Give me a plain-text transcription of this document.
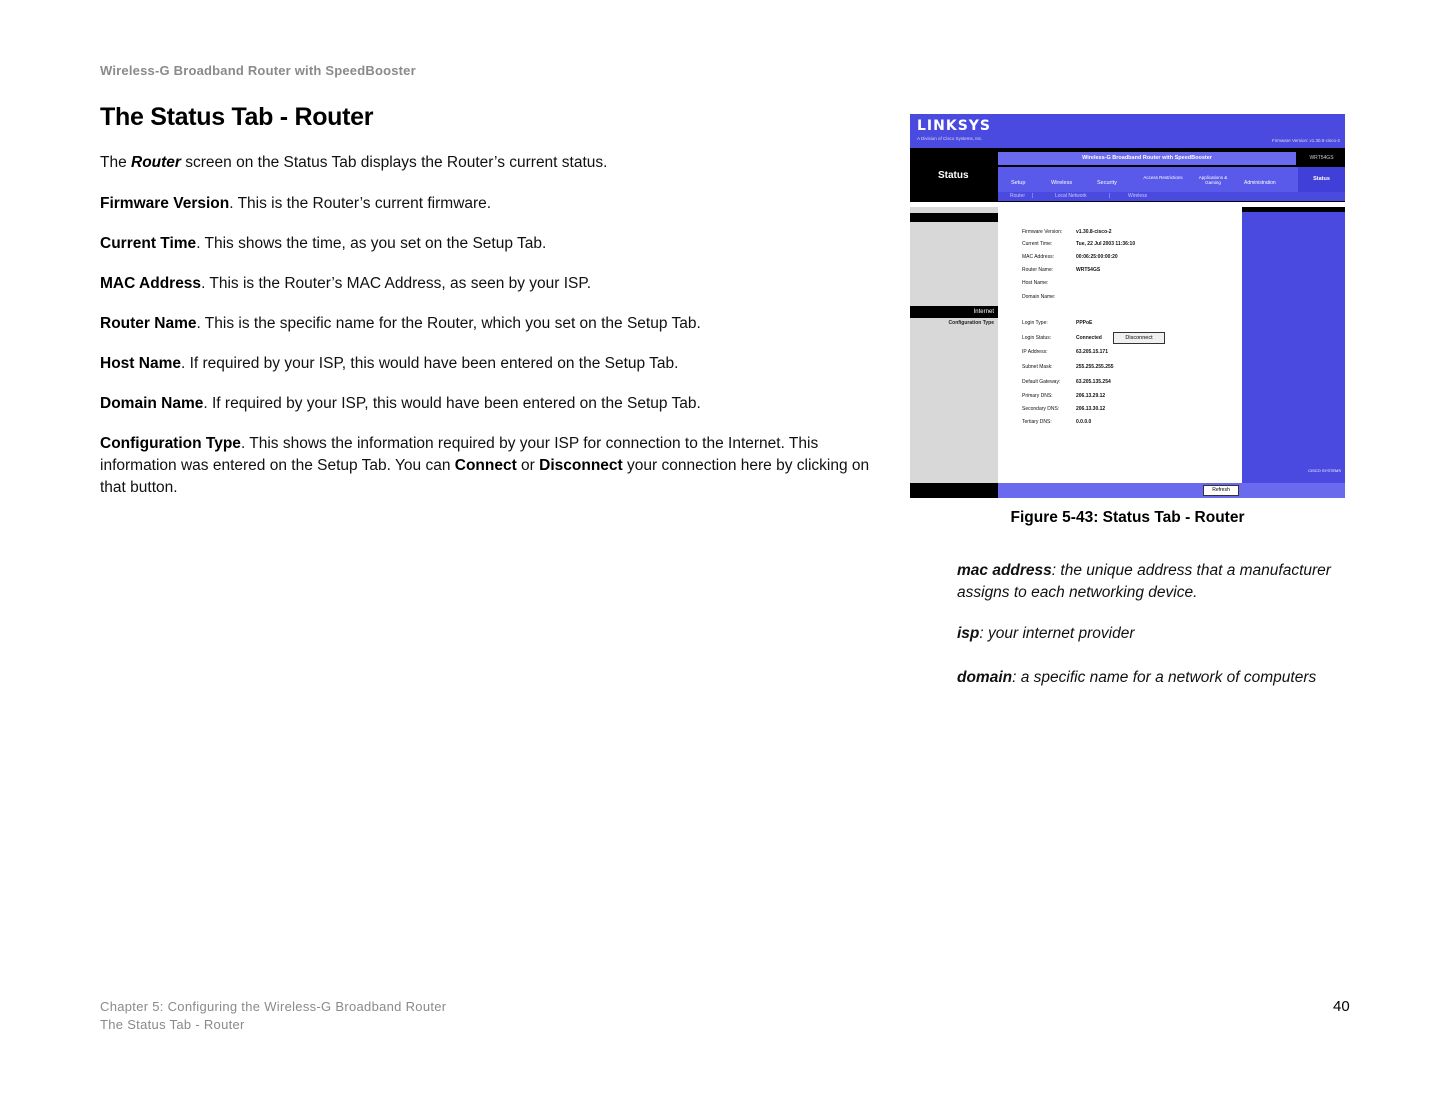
Wireless-G Broadband Router with SpeedBooster
The Status Tab - Router
The Router screen on the Status Tab displays the Router’s current status.
Firmware Version. This is the Router’s current firmware.
Current Time. This shows the time, as you set on the Setup Tab.
MAC Address. This is the Router’s MAC Address, as seen by your ISP.
Router Name. This is the specific name for the Router, which you set on the Setup Tab.
Host Name. If required by your ISP, this would have been entered on the Setup Tab.
Domain Name. If required by your ISP, this would have been entered on the Setup Tab.
Configuration Type. This shows the information required by your ISP for connection to the Internet. This information was entered on the Setup Tab. You can Connect or Disconnect your connection here by clicking on that button.
LINKSYS
A Division of Cisco Systems, Inc.	Firmware Version: v1.30.8-cisco-2
Status
Wireless-G Broadband Router with SpeedBooster	WRT54GS
Setup	Wireless	Security
Access Restrictions	Applications & Gaming	Administration
Status
Router |	Local Network	|	Wireless
Internet
Configuration Type
CISCO SYSTEMS
Refresh
Firmware Version:	v1.30.8-cisco-2
Current Time:	Tue, 22 Jul 2003 11:36:10
MAC Address:	00:06:25:00:00:20
Router Name:	WRT54GS
Host Name:
Domain Name:
Login Type:	PPPoE
Login Status:	Connected	Disconnect
IP Address:	63.205.15.171
Subnet Mask:	255.255.255.255
Default Gateway:	63.205.135.254
Primary DNS:	206.13.29.12
Secondary DNS:	206.13.30.12
Tertiary DNS:	0.0.0.0
Figure 5-43: Status Tab - Router
mac address: the unique address that a manufacturer assigns to each networking device.
isp: your internet provider
domain: a specific name for a network of computers
Chapter 5: Configuring the Wireless-G Broadband Router
The Status Tab - Router
40
